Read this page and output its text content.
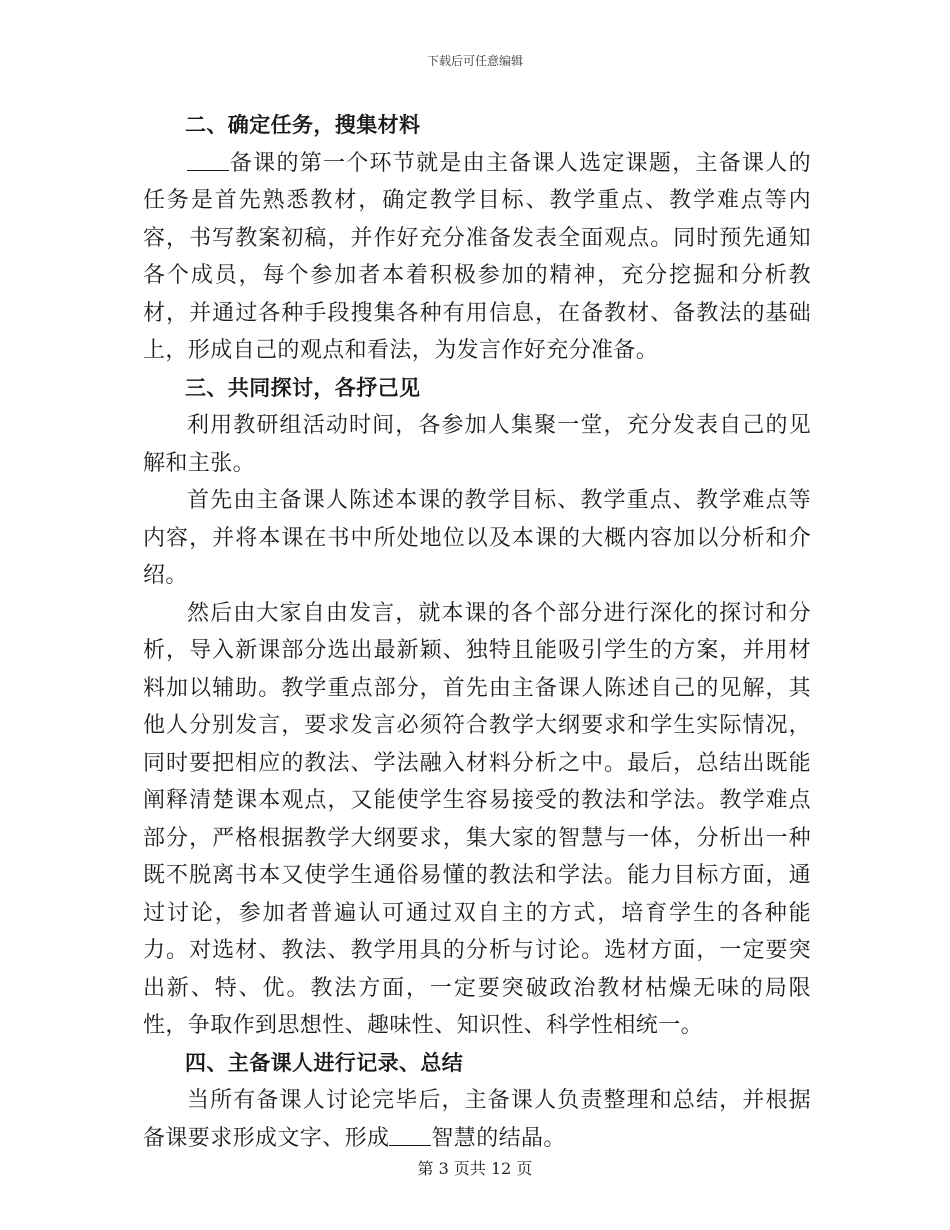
下载后可任意编辑

二、确定任务，搜集材料

备课的第一个环节就是由主备课人选定课题，主备课人的任务是首先熟悉教材，确定教学目标、教学重点、教学难点等内容，书写教案初稿，并作好充分准备发表全面观点。同时预先通知各个成员，每个参加者本着积极参加的精神，充分挖掘和分析教材，并通过各种手段搜集各种有用信息，在备教材、备教法的基础上，形成自己的观点和看法，为发言作好充分准备。

三、共同探讨，各抒己见

利用教研组活动时间，各参加人集聚一堂，充分发表自己的见解和主张。

首先由主备课人陈述本课的教学目标、教学重点、教学难点等内容，并将本课在书中所处地位以及本课的大概内容加以分析和介绍。

然后由大家自由发言，就本课的各个部分进行深化的探讨和分析，导入新课部分选出最新颖、独特且能吸引学生的方案，并用材料加以辅助。教学重点部分，首先由主备课人陈述自己的见解，其他人分别发言，要求发言必须符合教学大纲要求和学生实际情况，同时要把相应的教法、学法融入材料分析之中。最后，总结出既能阐释清楚课本观点，又能使学生容易接受的教法和学法。教学难点部分，严格根据教学大纲要求，集大家的智慧与一体，分析出一种既不脱离书本又使学生通俗易懂的教法和学法。能力目标方面，通过讨论，参加者普遍认可通过双自主的方式，培育学生的各种能力。对选材、教法、教学用具的分析与讨论。选材方面，一定要突出新、特、优。教法方面，一定要突破政治教材枯燥无味的局限性，争取作到思想性、趣味性、知识性、科学性相统一。

四、主备课人进行记录、总结

当所有备课人讨论完毕后，主备课人负责整理和总结，并根据备课要求形成文字、形成 智慧的结晶。

第 3 页共 12 页
